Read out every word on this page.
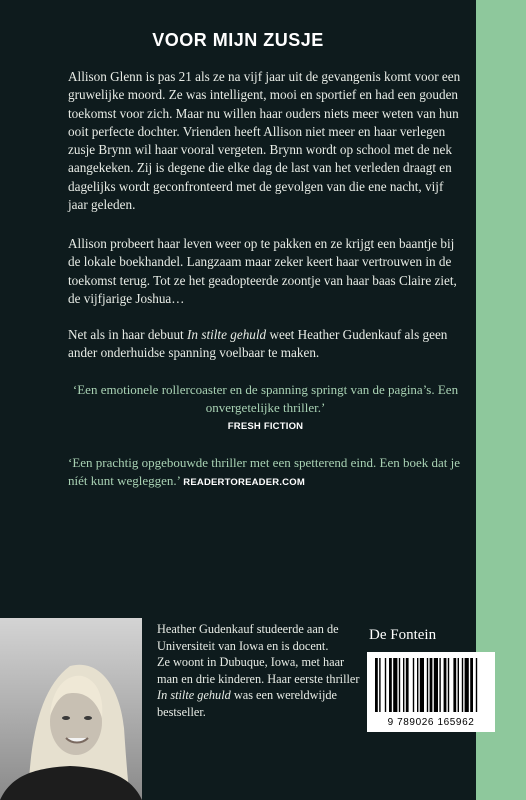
VOOR MIJN ZUSJE

Allison Glenn is pas 21 als ze na vijf jaar uit de gevangenis komt voor een gruwelijke moord. Ze was intelligent, mooi en sportief en had een gouden toekomst voor zich. Maar nu willen haar ouders niets meer weten van hun ooit perfecte dochter. Vrienden heeft Allison niet meer en haar verlegen zusje Brynn wil haar vooral vergeten. Brynn wordt op school met de nek aangekeken. Zij is degene die elke dag de last van het verleden draagt en dagelijks wordt geconfronteerd met de gevolgen van die ene nacht, vijf jaar geleden.

Allison probeert haar leven weer op te pakken en ze krijgt een baantje bij de lokale boekhandel. Langzaam maar zeker keert haar vertrouwen in de toekomst terug. Tot ze het geadopteerde zoontje van haar baas Claire ziet, de vijfjarige Joshua…

Net als in haar debuut In stilte gehuld weet Heather Gudenkauf als geen ander onderhuidse spanning voelbaar te maken.

‘Een emotionele rollercoaster en de spanning springt van de pagina’s. Een onvergetelijke thriller.’
FRESH FICTION

‘Een prachtig opgebouwde thriller met een spetterend eind. Een boek dat je níét kunt wegleggen.’ READERTOREADER.COM

Heather Gudenkauf studeerde aan de Universiteit van Iowa en is docent.
Ze woont in Dubuque, Iowa, met haar man en drie kinderen. Haar eerste thriller In stilte gehuld was een wereldwijde bestseller.

De Fontein
9 789026 165962
